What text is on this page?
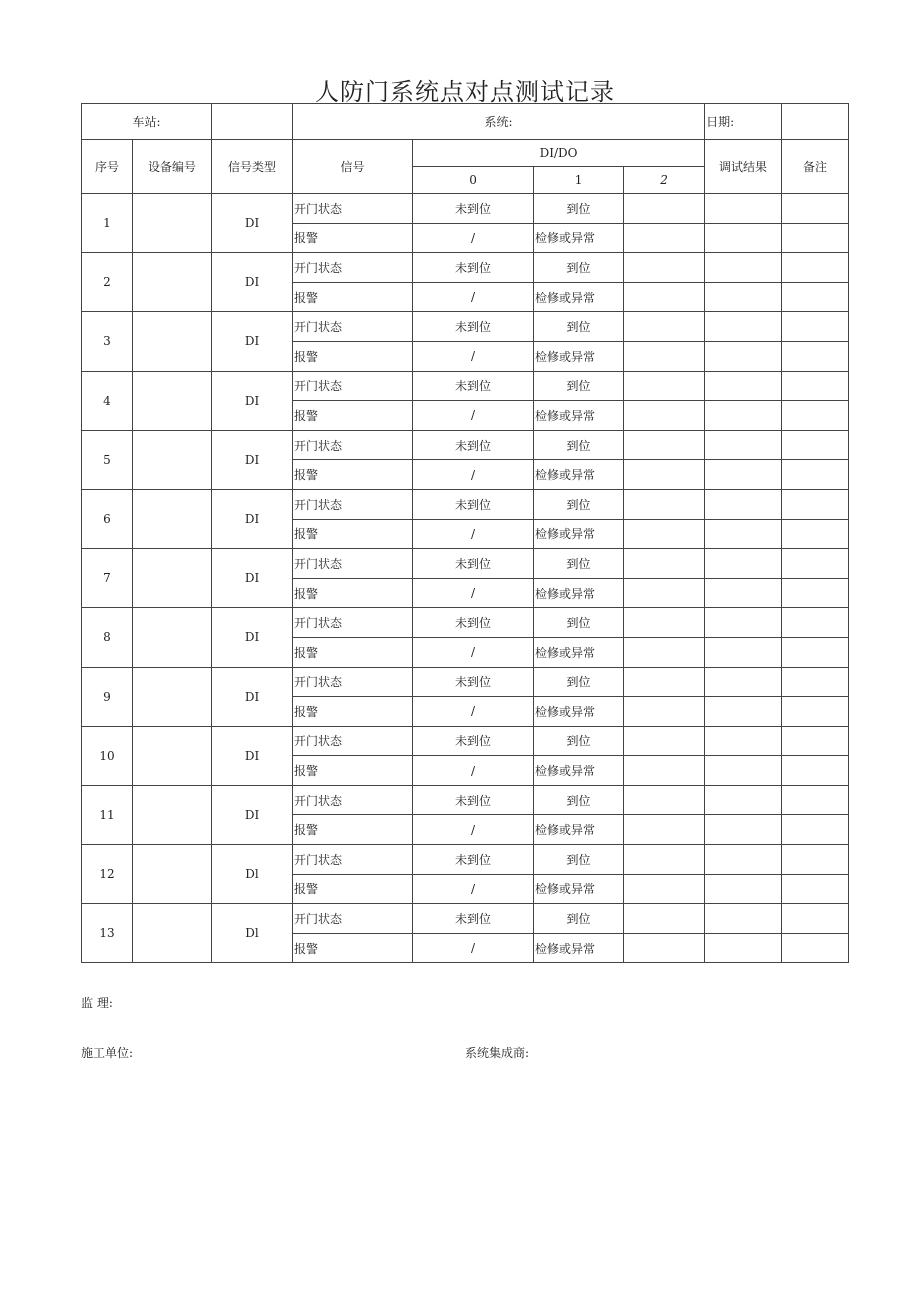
人防门系统点对点测试记录
车站:			系统:				日期:	
序号	设备编号	信号类型	信号	DI/DO			调试结果	备注
				0	1	2		
1		DI	开门状态	未到位	到位			
			报警	/	检修或异常			
2		DI	开门状态	未到位	到位			
			报警	/	检修或异常			
3		DI	开门状态	未到位	到位			
			报警	/	检修或异常			
4		DI	开门状态	未到位	到位			
			报警	/	检修或异常			
5		DI	开门状态	未到位	到位			
			报警	/	检修或异常			
6		DI	开门状态	未到位	到位			
			报警	/	检修或异常			
7		DI	开门状态	未到位	到位			
			报警	/	检修或异常			
8		DI	开门状态	未到位	到位			
			报警	/	检修或异常			
9		DI	开门状态	未到位	到位			
			报警	/	检修或异常			
10		DI	开门状态	未到位	到位			
			报警	/	检修或异常			
11		DI	开门状态	未到位	到位			
			报警	/	检修或异常			
12		Dl	开门状态	未到位	到位			
			报警	/	检修或异常			
13		Dl	开门状态	未到位	到位			
			报警	/	检修或异常			
监 理:
施工单位:	系统集成商:
